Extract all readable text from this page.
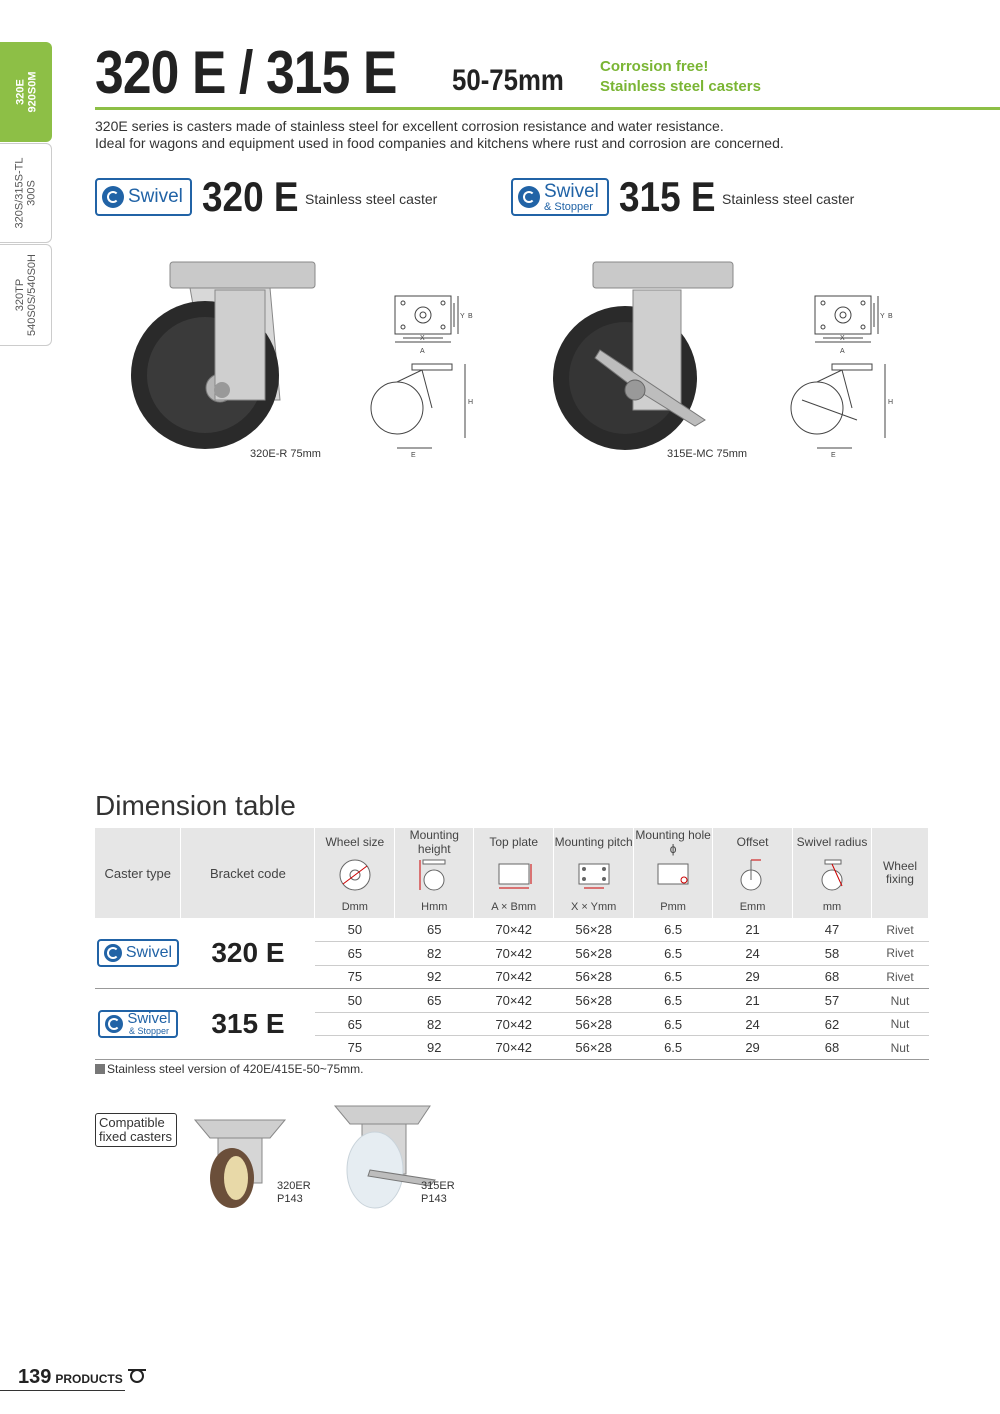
320E 920S0M
320S/315S-TL 300S
320TP 540S0S/540S0H
320 E / 315 E 50-75mm Corrosion free!
Stainless steel casters
320E series is casters made of stainless steel for excellent corrosion resistance and water resistance.
Ideal for wagons and equipment used in food companies and kitchens where rust and corrosion are concerned.
Swivel 320 E Stainless steel caster
320E-R 75mm
X
A
Y B
H
E
Swivel
& Stopper 315 E Stainless steel caster
315E-MC 75mm
X
A
Y B
H
E
Dimension table
Caster type	Bracket code	Wheel size	Mounting height	Top plate	Mounting pitch	Mounting hole ϕ	Offset	Swivel radius	Wheel fixing

		Dmm	Hmm	A × Bmm	X × Ymm	Pmm	Emm	mm	

Swivel	320 E	50	65	70×42	56×28	6.5	21	47	Rivet
		65	82	70×42	56×28	6.5	24	58	Rivet
		75	92	70×42	56×28	6.5	29	68	Rivet

Swivel
& Stopper	315 E	50	65	70×42	56×28	6.5	21	57	Nut
		65	82	70×42	56×28	6.5	24	62	Nut
		75	92	70×42	56×28	6.5	29	68	Nut
Stainless steel version of 420E/415E-50~75mm.
Compatible
fixed casters
320ER
P143
315ER
P143
139 PRODUCTS
